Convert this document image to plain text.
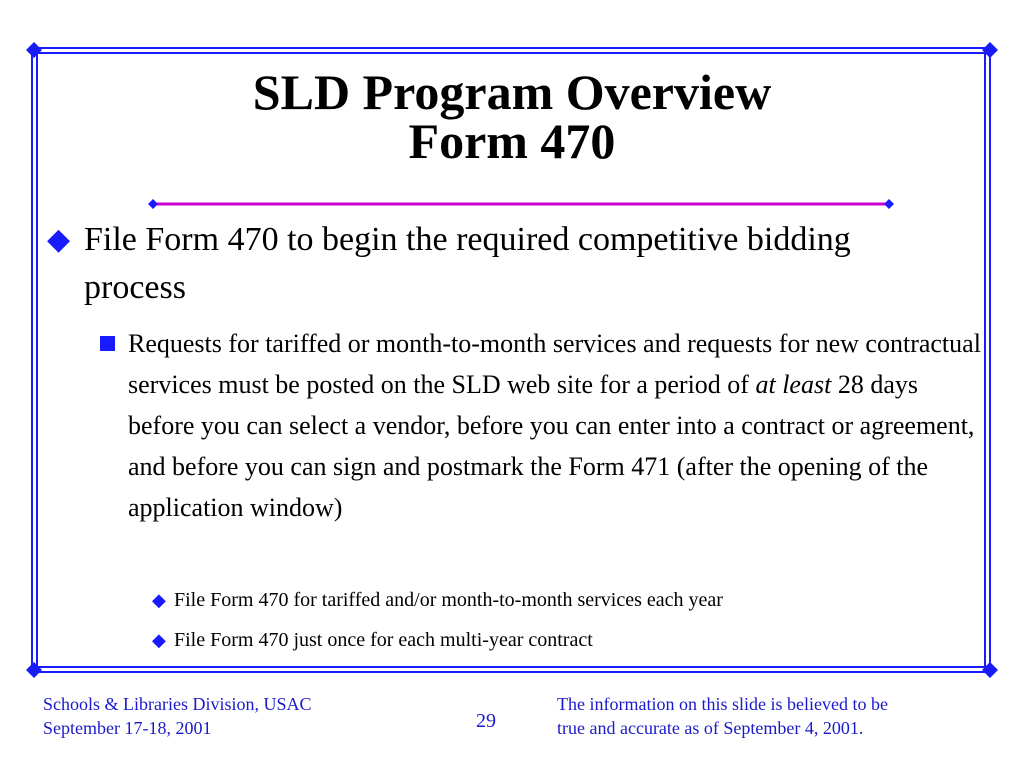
SLD Program Overview
Form 470
◆ File Form 470 to begin the required competitive bidding process
Requests for tariffed or month-to-month services and requests for new contractual services must be posted on the SLD web site for a period of at least 28 days before you can select a vendor, before you can enter into a contract or agreement, and before you can sign and postmark the Form 471 (after the opening of the application window)
◆ File Form 470 for tariffed and/or month-to-month services each year
◆ File Form 470 just once for each multi-year contract
Schools & Libraries Division, USAC
September 17-18, 2001	29
The information on this slide is believed to be
true and accurate as of September 4, 2001.
